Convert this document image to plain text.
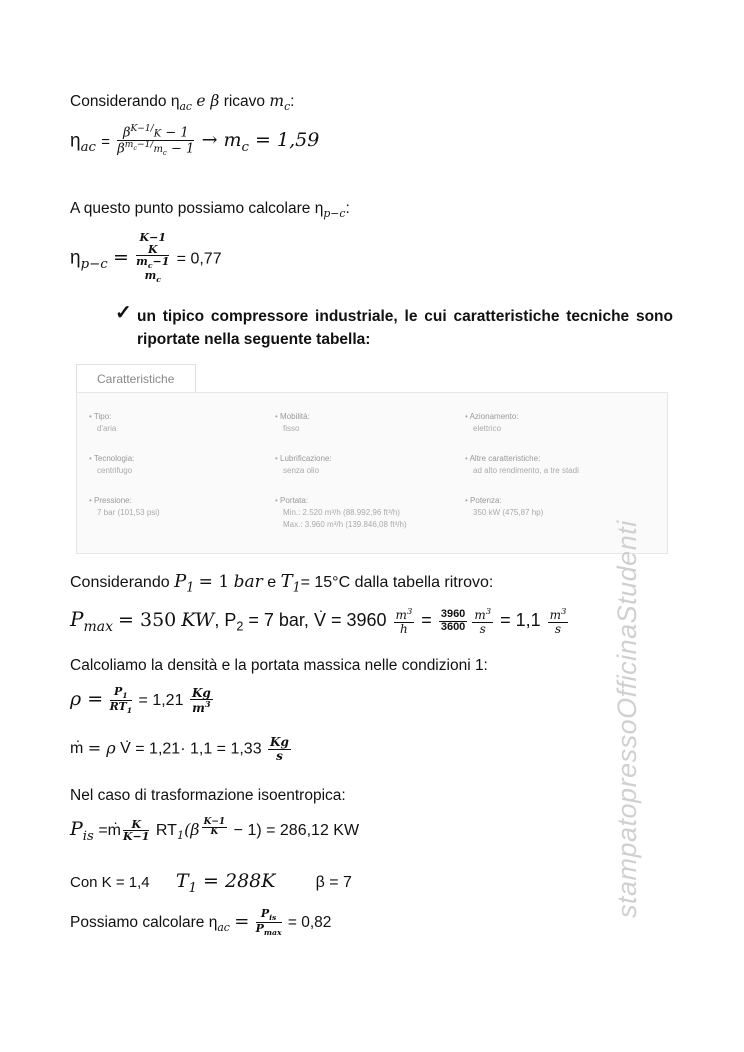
Considerando $\eta_{ac}$ e β ricavo $m_c$:
$\eta_{ac} = \frac{\beta^{K-1/}K - 1}{\beta^{m_c-1/}m_c - 1} \to m_c = 1,59$
A questo punto possiamo calcolare $\eta_{p-c}$:
$\eta_{p-c}$ =
K−1
K
$m_c-1$
$m_c$
= 0,77
✓ un tipico compressore industriale, le cui caratteristiche tecniche sono
riportate nella seguente tabella:
Caratteristiche
• Tipo:
d'aria
• Mobilità:
fisso
• Azionamento:
elettrico
• Tecnologia:
centrifugo
• Lubrificazione:
senza olio
• Altre caratteristiche:
ad alto rendimento, a tre stadi
• Pressione:
7 bar (101,53 psi)
• Portata:
Min.: 2.520 m³/h (88.992,96 ft³/h)
Max.: 3.960 m³/h (139.846,08 ft³/h)
• Potenza:
350 kW (475,87 hp)
Considerando $P_1 = 1$ bar e $T_1= 15^\circ C$ dalla tabella ritrovo:
$P_{max} = 350$ KW, $P_2 = 7$ bar, . $V = 3960 \frac{m^3}{h} = \frac{3960}{3600}$
$\frac{m^3}{s} = 1,1 \frac{m^3}{s}$
Calcoliamo la densità e la portata massica nelle condizioni 1:
$\rho = \frac{P_1}{RT_1} = 1,21 \frac{Kg}{m^3}$
. m = ρ . $V = 1,21\cdot 1,1 = 1,33 \frac{Kg}{s}$
Nel caso di trasformazione isoentropica:
$P_{is}$ =. m $\frac{K}{K-1} RT_1(\beta$ $^{\frac{K-1}{K}}$ − 1) = 286,12 KW
Con K = 1,4 $T_1 = 288K$	β = 7
Possiamo calcolare $\eta_{ac} = \frac{P_{is}}{P_{max}} = 0,82$
stampatopressoOfficinaStudenti
